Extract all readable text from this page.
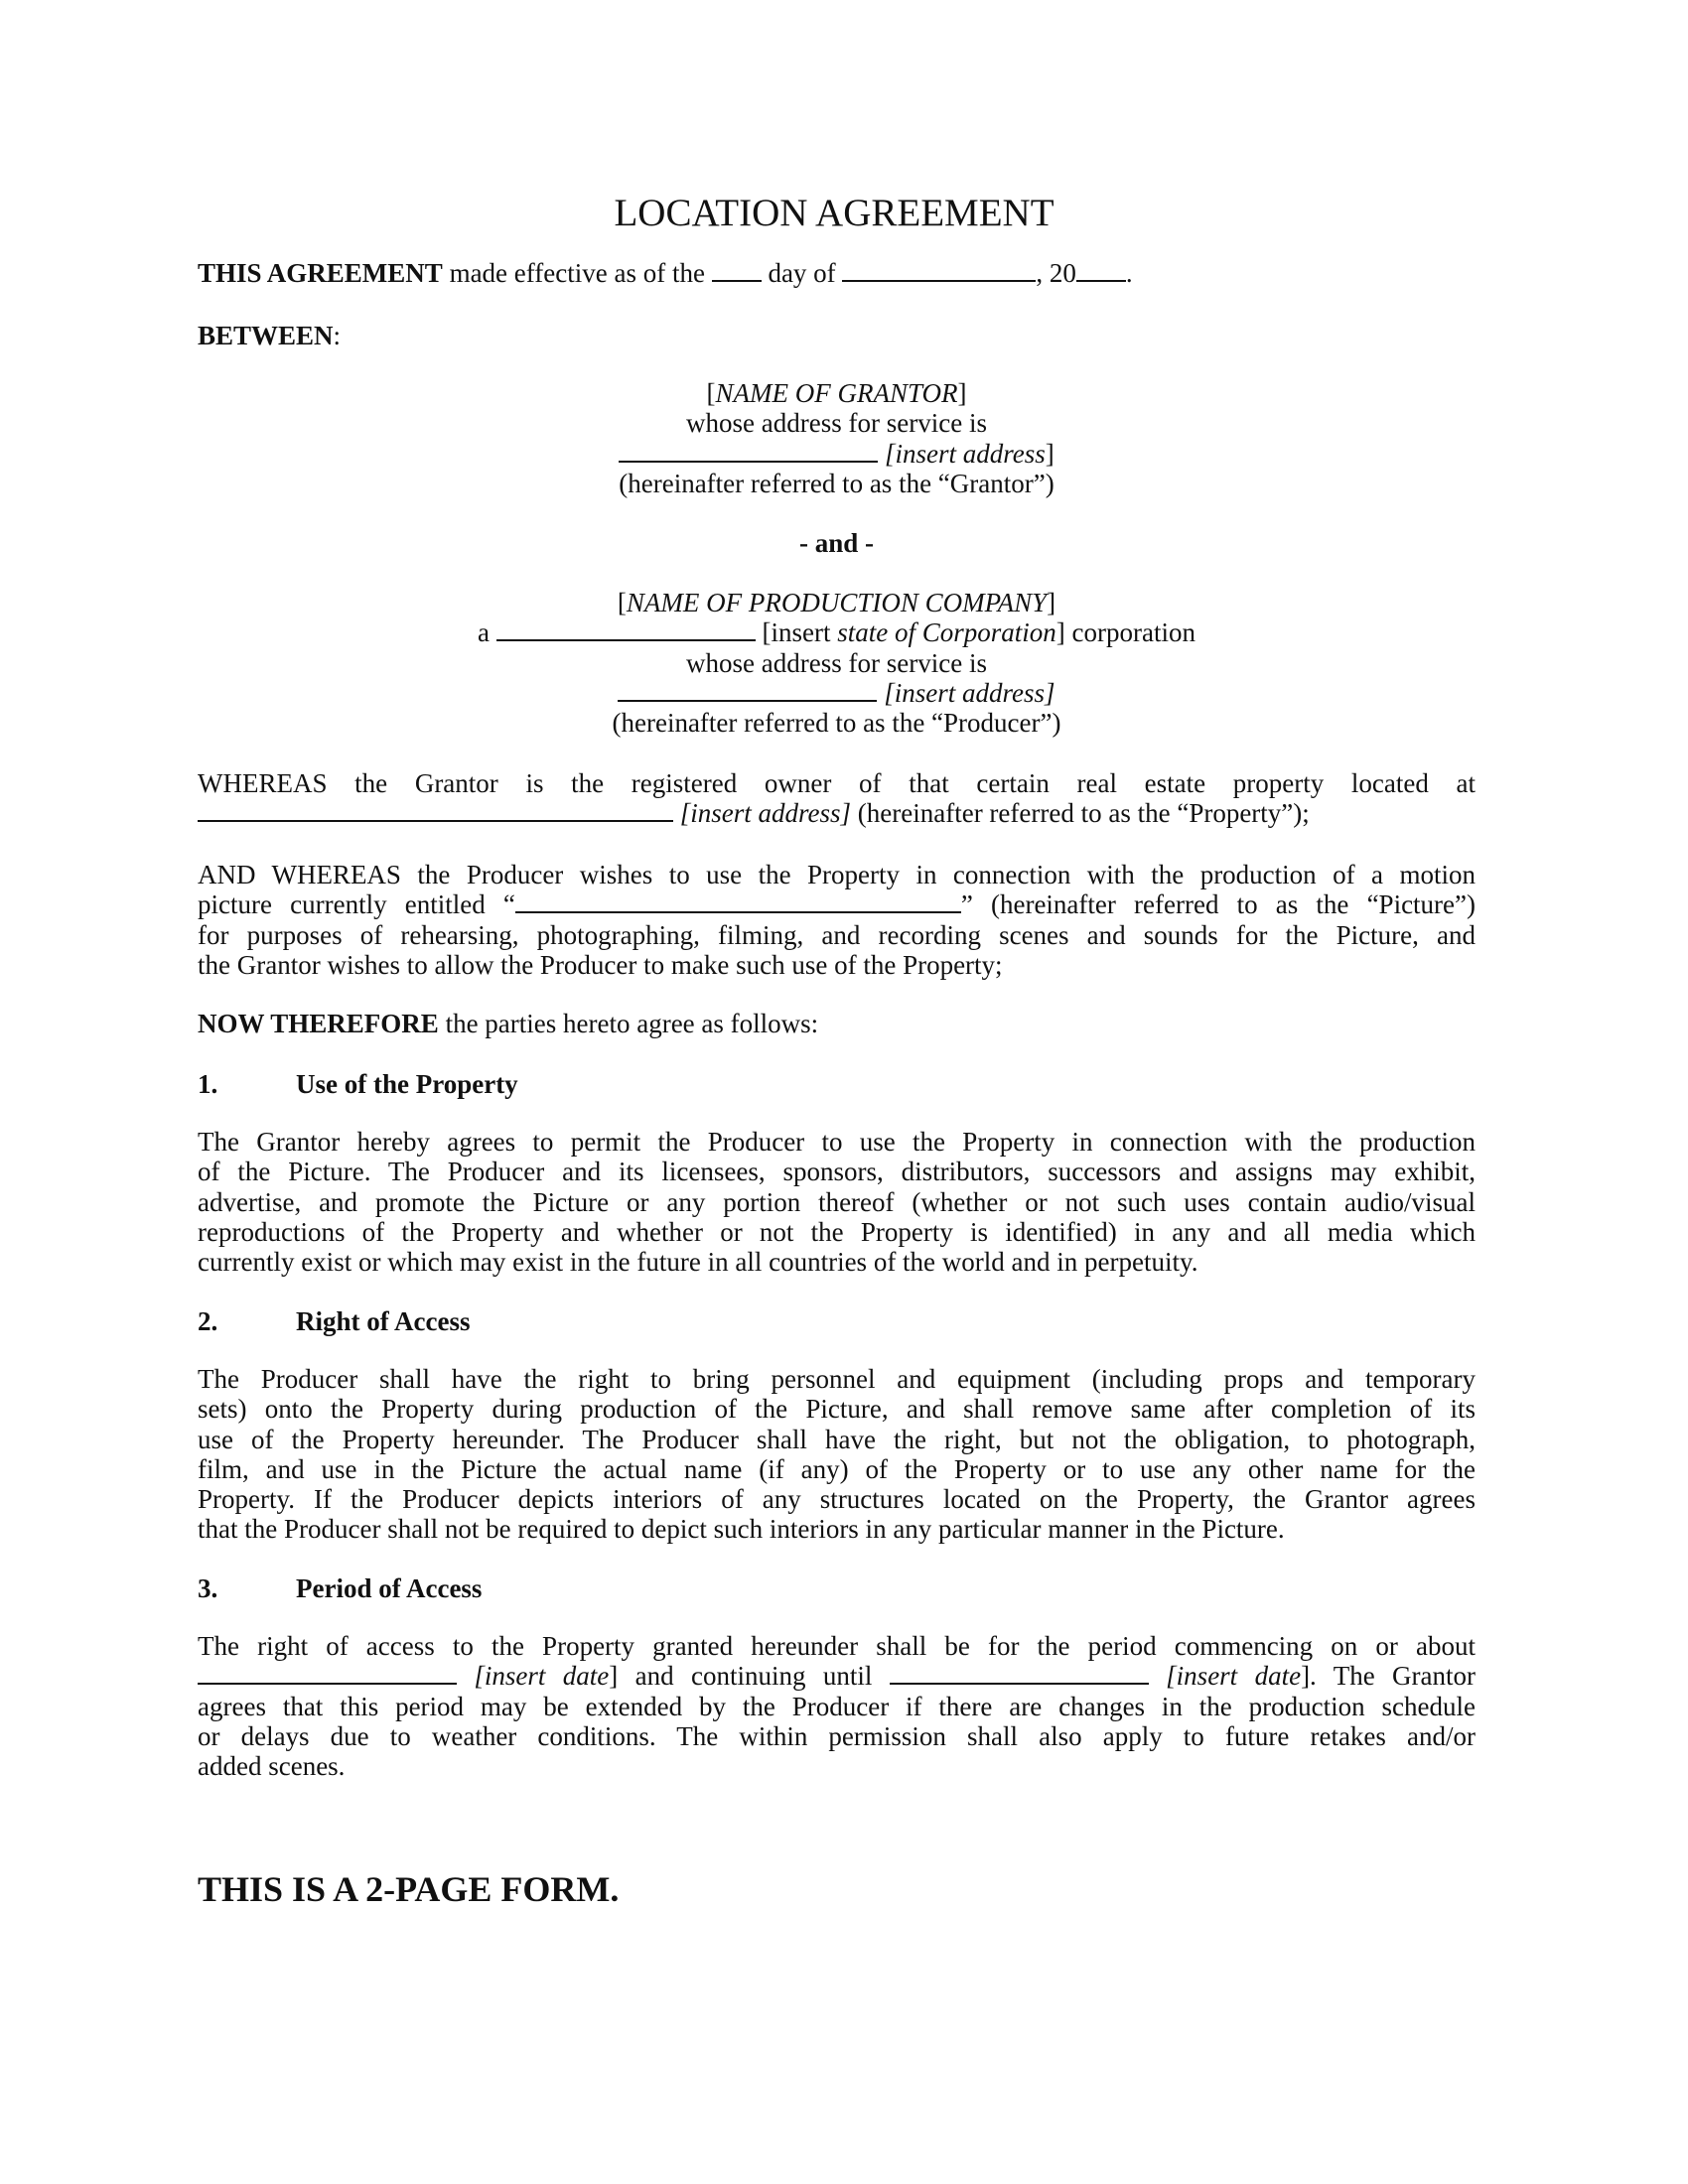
LOCATION AGREEMENT
THIS AGREEMENT made effective as of the  day of	, 20 .
BETWEEN:
[NAME OF GRANTOR]
whose address for service is
[insert address]
(hereinafter referred to as the “Grantor”)
- and -
[NAME OF PRODUCTION COMPANY]
a	[insert state of Corporation] corporation
whose address for service is
[insert address]
(hereinafter referred to as the “Producer”)
WHEREAS the Grantor is the registered owner of that certain real estate property located at
[insert address] (hereinafter referred to as the “Property”);
AND WHEREAS the Producer wishes to use the Property in connection with the production of a motion
picture currently entitled “	” (hereinafter referred to as the “Picture”)
for purposes of rehearsing, photographing, filming, and recording scenes and sounds for the Picture, and
the Grantor wishes to allow the Producer to make such use of the Property;
NOW THEREFORE the parties hereto agree as follows:
The Grantor hereby agrees to permit the Producer to use the Property in connection with the production
of the Picture. The Producer and its licensees, sponsors, distributors, successors and assigns may exhibit,
advertise, and promote the Picture or any portion thereof (whether or not such uses contain audio/visual
reproductions of the Property and whether or not the Property is identified) in any and all media which
currently exist or which may exist in the future in all countries of the world and in perpetuity.
The Producer shall have the right to bring personnel and equipment (including props and temporary
sets) onto the Property during production of the Picture, and shall remove same after completion of its
use of the Property hereunder. The Producer shall have the right, but not the obligation, to photograph,
film, and use in the Picture the actual name (if any) of the Property or to use any other name for the
Property. If the Producer depicts interiors of any structures located on the Property, the Grantor agrees
that the Producer shall not be required to depict such interiors in any particular manner in the Picture.
The right of access to the Property granted hereunder shall be for the period commencing on or about
[insert date] and continuing until	[insert date]. The Grantor
agrees that this period may be extended by the Producer if there are changes in the production schedule
or delays due to weather conditions. The within permission shall also apply to future retakes and/or
added scenes.
1.	Use of the Property
2.	Right of Access
3.	Period of Access
THIS IS A 2-PAGE FORM.
